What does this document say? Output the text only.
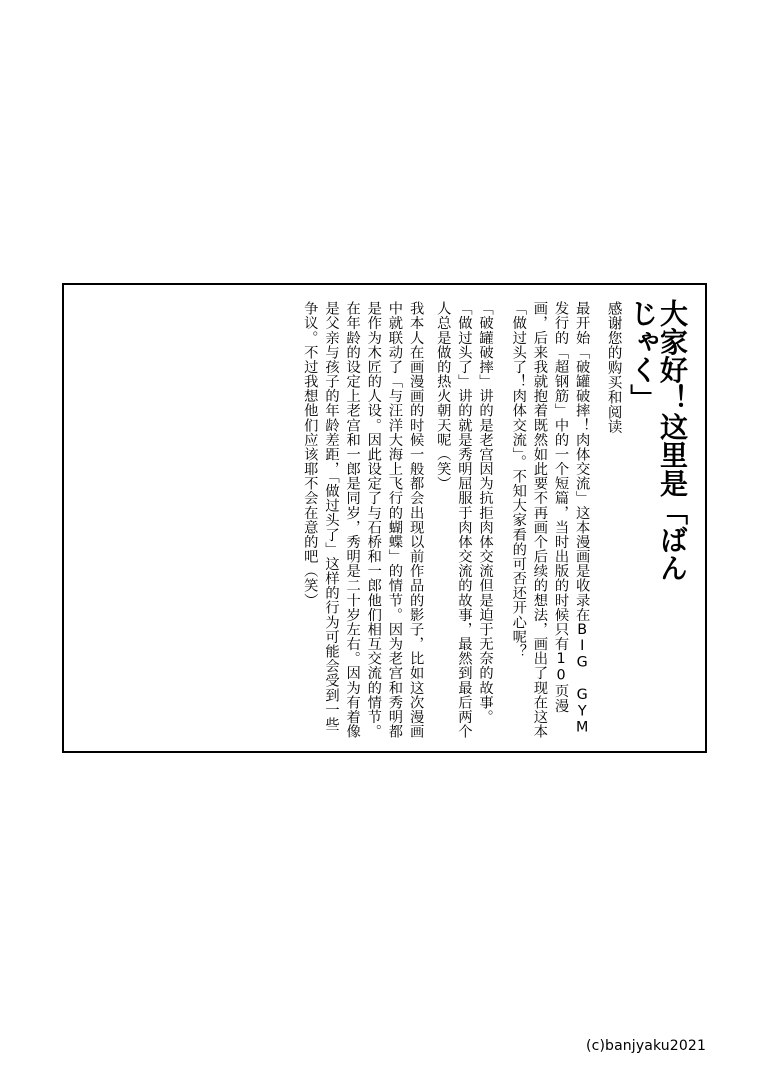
大家好！这里是「ばんじゃく」
感谢您的购买和阅读
最开始「破罐破摔！肉体交流」这本漫画是收录在BIG GYM发行的「超钢筋」中的一个短篇，当时出版的时候只有10页漫画，后来我就抱着既然如此要不再画个后续的想法，画出了现在这本「做过头了！肉体交流」。不知大家看的可否还开心呢？
「破罐破摔」讲的是老宫因为抗拒肉体交流但是迫于无奈的故事。「做过头了」讲的就是秀明屈服于肉体交流的故事，最然到最后两个人总是做的热火朝天呢（笑）
我本人在画漫画的时候一般都会出现以前作品的影子，比如这次漫画中就联动了「与汪洋大海上飞行的蝴蝶」的情节。因为老宫和秀明都是作为木匠的人设。因此设定了与石桥和一郎他们相互交流的情节。在年龄的设定上老宫和一郎是同岁，秀明是二十岁左右。因为有着像是父亲与孩子的年龄差距，「做过头了」这样的行为可能会受到一些争议。不过我想他们应该耶不会在意的吧（笑）
(c)banjyaku2021
